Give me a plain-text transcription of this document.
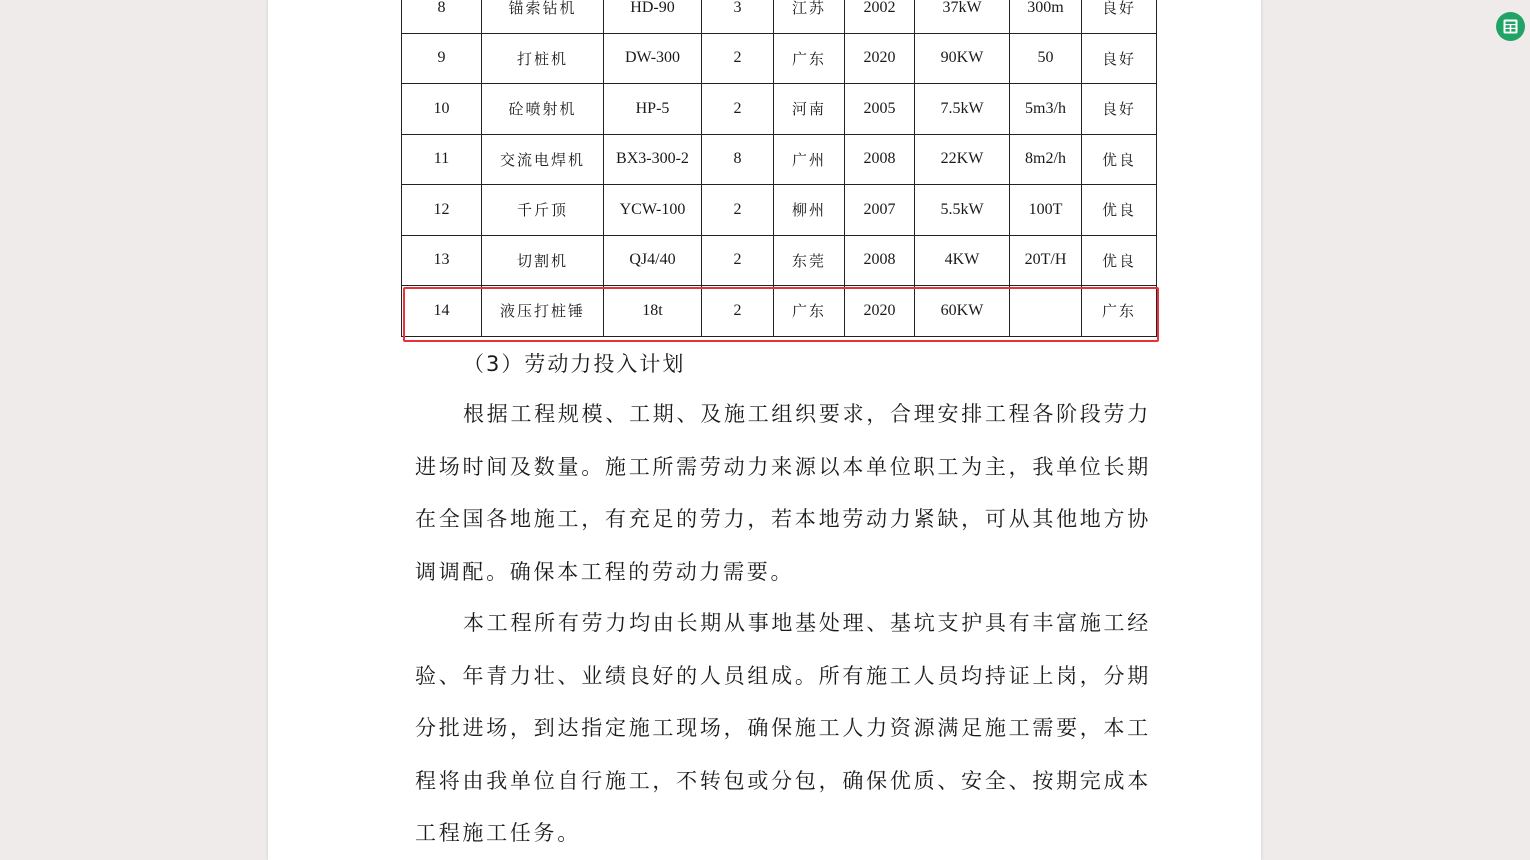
8	锚索钻机	HD-90	3	江苏	2002	37kW	300m	良好
9	打桩机	DW-300	2	广东	2020	90KW	50	良好
10	砼喷射机	HP-5	2	河南	2005	7.5kW	5m3/h	良好
11	交流电焊机	BX3-300-2	8	广州	2008	22KW	8m2/h	优良
12	千斤顶	YCW-100	2	柳州	2007	5.5kW	100T	优良
13	切割机	QJ4/40	2	东莞	2008	4KW	20T/H	优良
14	液压打桩锤	18t	2	广东	2020	60KW		广东
（3）劳动力投入计划

根据工程规模、工期、及施工组织要求，合理安排工程各阶段劳力进场时间及数量。施工所需劳动力来源以本单位职工为主，我单位长期在全国各地施工，有充足的劳力，若本地劳动力紧缺，可从其他地方协调调配。确保本工程的劳动力需要。

本工程所有劳力均由长期从事地基处理、基坑支护具有丰富施工经验、年青力壮、业绩良好的人员组成。所有施工人员均持证上岗，分期分批进场，到达指定施工现场，确保施工人力资源满足施工需要，本工程将由我单位自行施工，不转包或分包，确保优质、安全、按期完成本工程施工任务。
